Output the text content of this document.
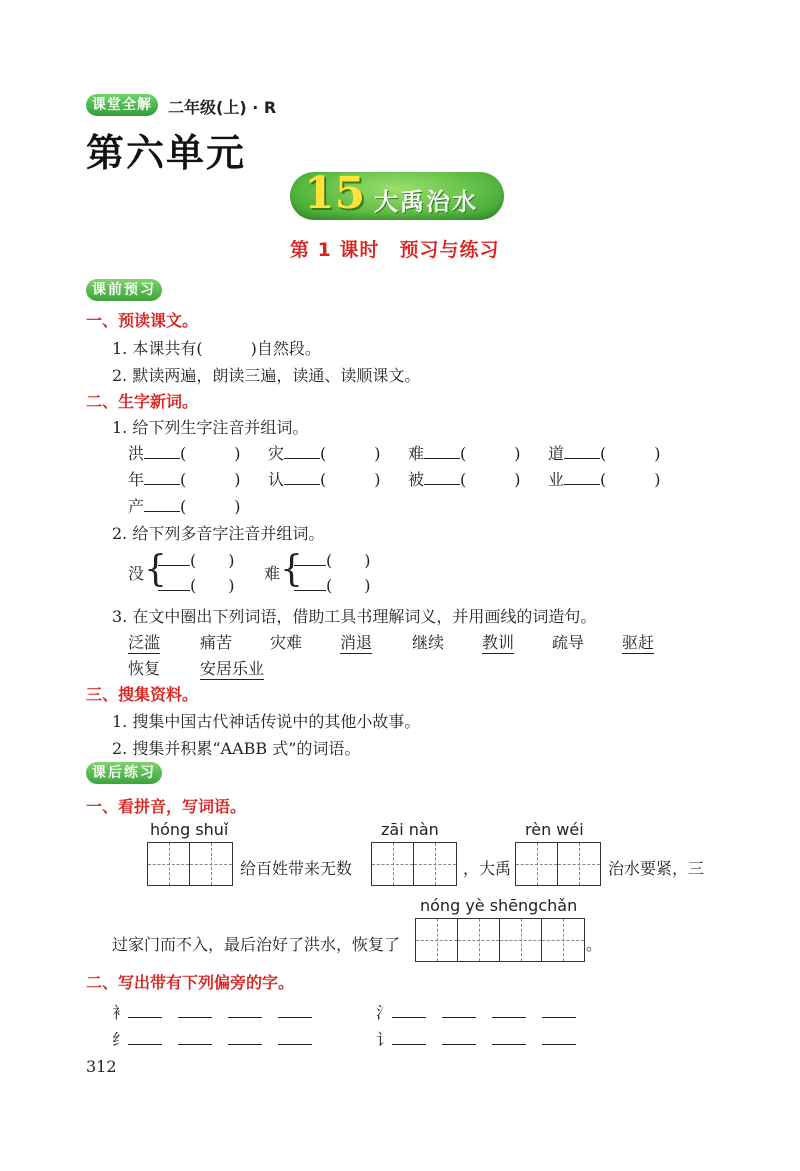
课堂全解	二年级(上) · R
第六单元
15 大禹治水
第 1 课时　预习与练习
课前预习
一、预读课文。
1. 本课共有(　　　)自然段。
2. 默读两遍，朗读三遍，读通、读顺课文。
二、生字新词。
1. 给下列生字注音并组词。
洪 (　　　) 灾 (　　　) 难 (　　　) 道 (　　　)
年 (　　　) 认 (　　　) 被 (　　　) 业 (　　　)
产 (　　　)
2. 给下列多音字注音并组词。
没 {	(　　)
(　　)
难 {	(　　)
(　　)
3. 在文中圈出下列词语，借助工具书理解词义，并用画线的词造句。
泛滥 痛苦 灾难 消退 继续 教训 疏导 驱赶
恢复 安居乐业
三、搜集资料。
1. 搜集中国古代神话传说中的其他小故事。
2. 搜集并积累“AABB 式”的词语。
课后练习
一、看拼音，写词语。
hóng shuǐ
给百姓带来无数
zāi nàn
，大禹
rèn wéi
治水要紧，三
nóng yè shēngchǎn
过家门而不入，最后治好了洪水，恢复了	。
二、写出带有下列偏旁的字。
衤　　　	氵　　　
纟　　　	讠　　　
312
